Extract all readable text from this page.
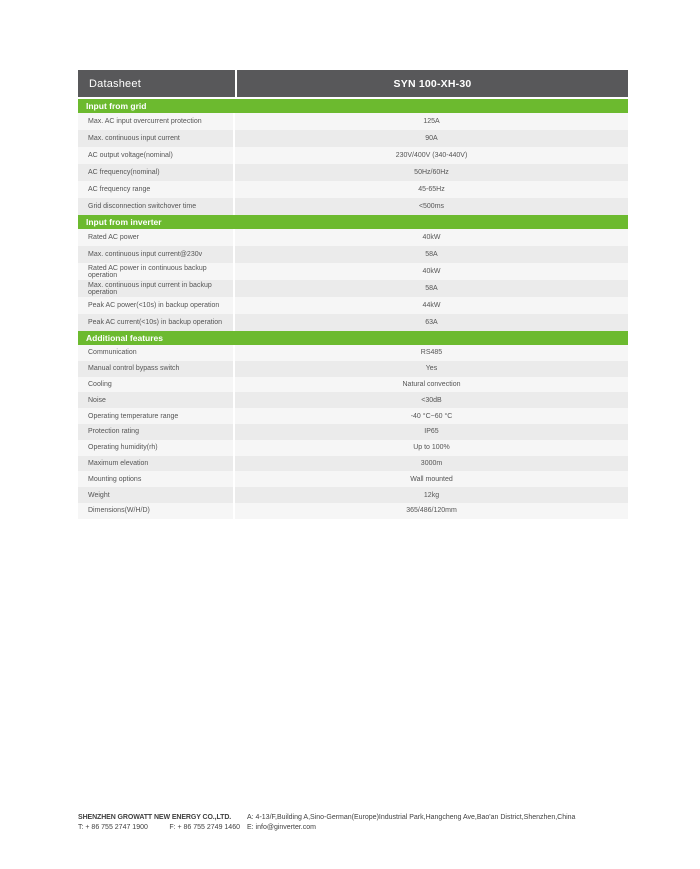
Datasheet	SYN 100-XH-30
Input from grid
Max. AC input overcurrent protection	125A
Max. continuous input current	90A
AC output voltage(nominal)	230V/400V (340-440V)
AC frequency(nominal)	50Hz/60Hz
AC frequency range	45-65Hz
Grid disconnection switchover time	<500ms
Input from inverter
Rated AC power	40kW
Max. continuous input current@230v	58A
Rated AC power in continuous backup operation	40kW
Max. continuous input current in backup operation	58A
Peak AC power(<10s) in backup operation	44kW
Peak AC current(<10s) in backup operation	63A
Additional features
Communication	RS485
Manual control bypass switch	Yes
Cooling	Natural convection
Noise	<30dB
Operating temperature range	-40 °C~60 °C
Protection rating	IP65
Operating humidity(rh)	Up to 100%
Maximum elevation	3000m
Mounting options	Wall mounted
Weight	12kg
Dimensions(W/H/D)	365/486/120mm
SHENZHEN GROWATT NEW ENERGY CO.,LTD.
T: + 86 755 2747 1900	F: + 86 755 2749 1460
A: 4-13/F,Building A,Sino-German(Europe)Industrial Park,Hangcheng Ave,Bao'an District,Shenzhen,China
E: info@ginverter.com
